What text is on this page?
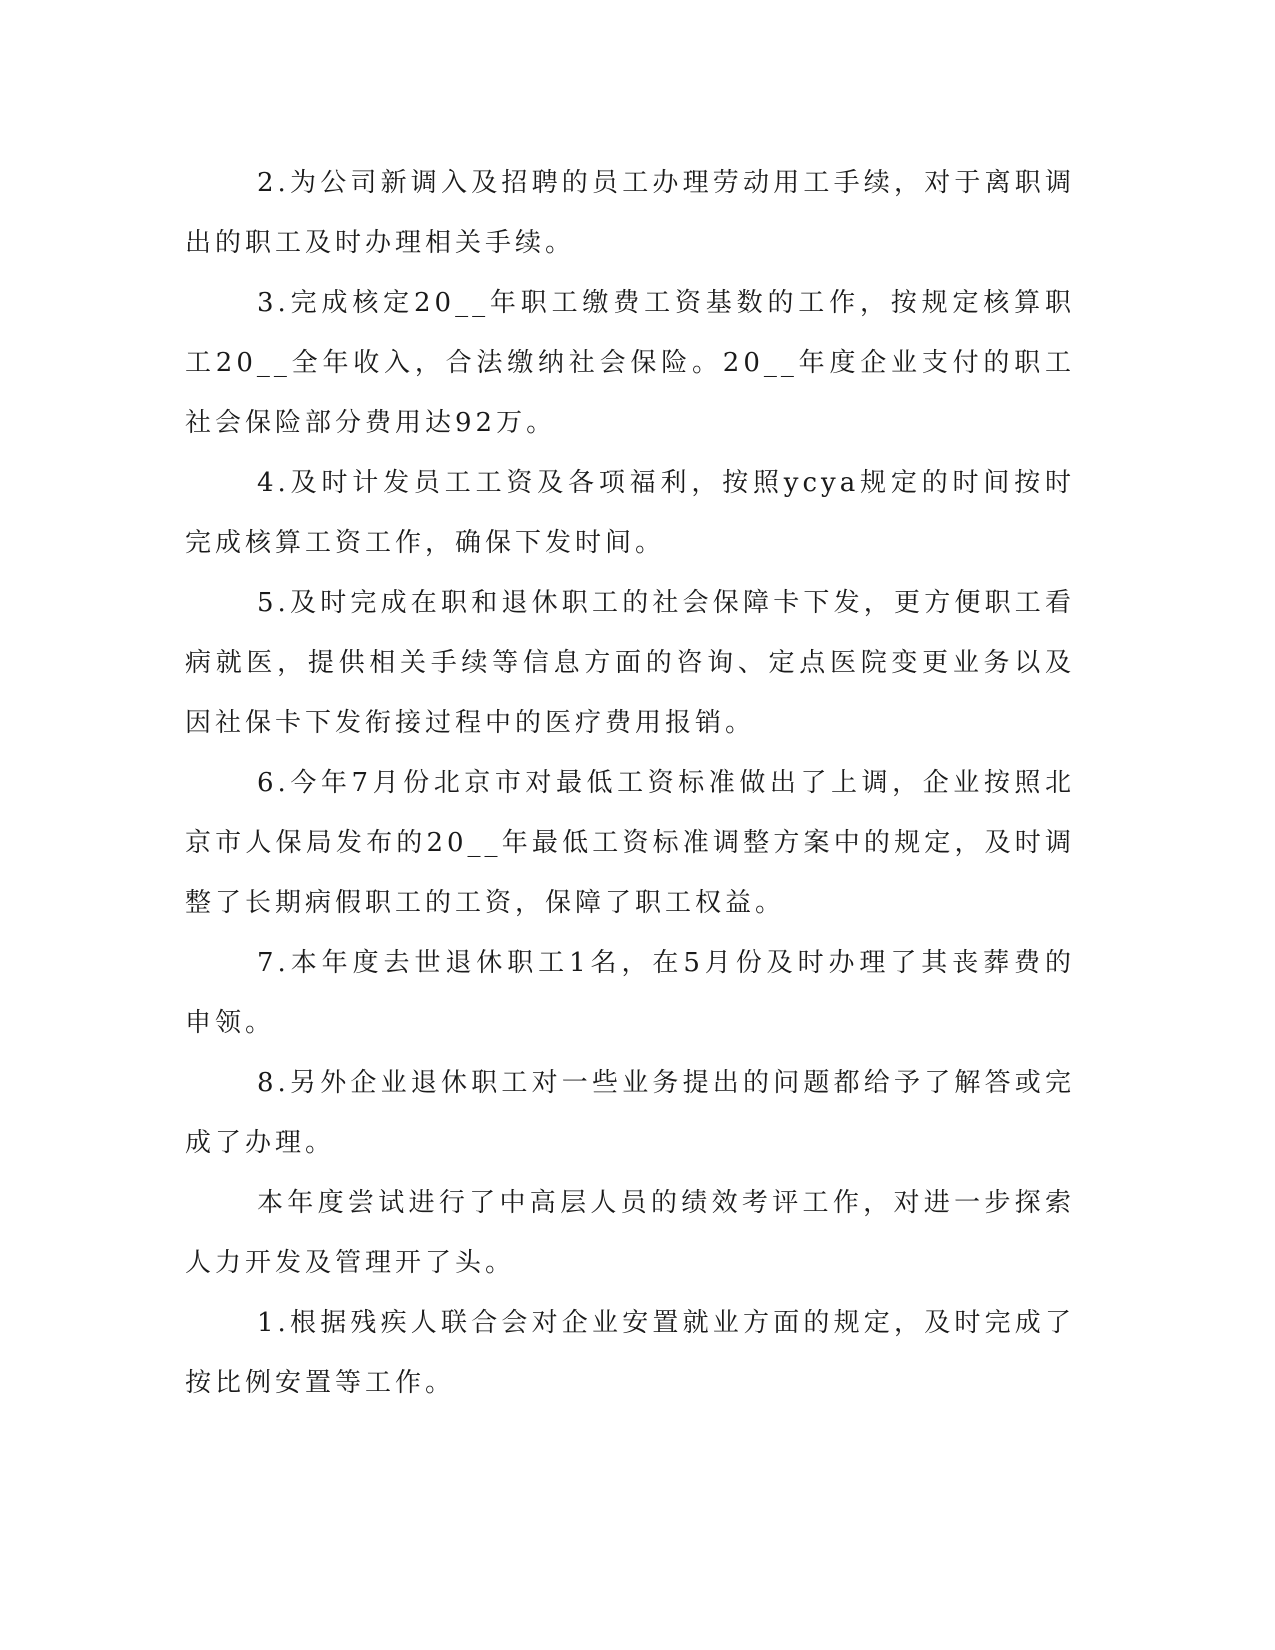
2.为公司新调入及招聘的员工办理劳动用工手续，对于离职调出的职工及时办理相关手续。

3.完成核定20__年职工缴费工资基数的工作，按规定核算职工20__全年收入，合法缴纳社会保险。20__年度企业支付的职工社会保险部分费用达92万。

4.及时计发员工工资及各项福利，按照ycya规定的时间按时完成核算工资工作，确保下发时间。

5.及时完成在职和退休职工的社会保障卡下发，更方便职工看病就医，提供相关手续等信息方面的咨询、定点医院变更业务以及因社保卡下发衔接过程中的医疗费用报销。

6.今年7月份北京市对最低工资标准做出了上调，企业按照北京市人保局发布的20__年最低工资标准调整方案中的规定，及时调整了长期病假职工的工资，保障了职工权益。

7.本年度去世退休职工1名，在5月份及时办理了其丧葬费的申领。

8.另外企业退休职工对一些业务提出的问题都给予了解答或完成了办理。

本年度尝试进行了中高层人员的绩效考评工作，对进一步探索人力开发及管理开了头。

1.根据残疾人联合会对企业安置就业方面的规定，及时完成了按比例安置等工作。
